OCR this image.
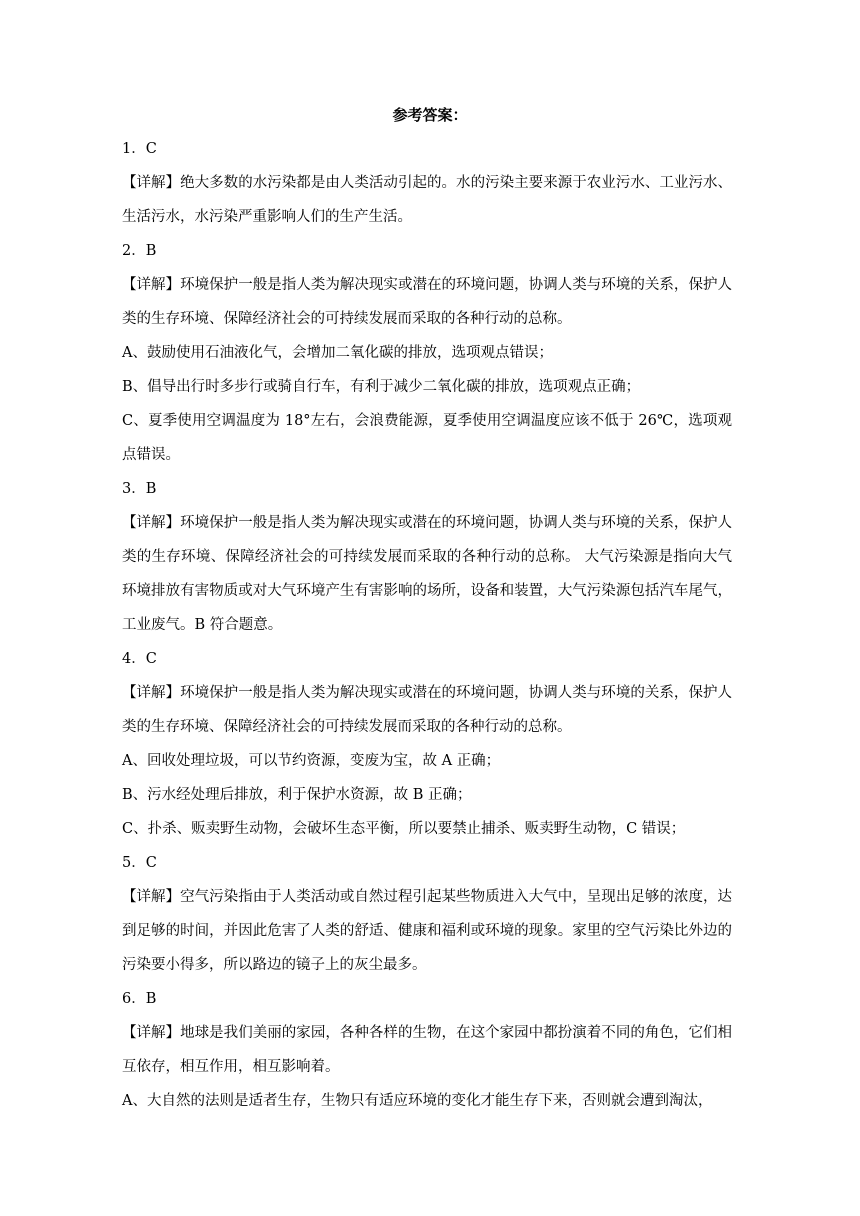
参考答案：

1．C

【详解】绝大多数的水污染都是由人类活动引起的。水的污染主要来源于农业污水、工业污水、生活污水，水污染严重影响人们的生产生活。

2．B

【详解】环境保护一般是指人类为解决现实或潜在的环境问题，协调人类与环境的关系，保护人类的生存环境、保障经济社会的可持续发展而采取的各种行动的总称。

A、鼓励使用石油液化气，会增加二氧化碳的排放，选项观点错误；

B、倡导出行时多步行或骑自行车，有利于减少二氧化碳的排放，选项观点正确；

C、夏季使用空调温度为 18°左右，会浪费能源，夏季使用空调温度应该不低于 26℃，选项观点错误。

3．B

【详解】环境保护一般是指人类为解决现实或潜在的环境问题，协调人类与环境的关系，保护人类的生存环境、保障经济社会的可持续发展而采取的各种行动的总称。 大气污染源是指向大气环境排放有害物质或对大气环境产生有害影响的场所，设备和装置，大气污染源包括汽车尾气，工业废气。B 符合题意。

4．C

【详解】环境保护一般是指人类为解决现实或潜在的环境问题，协调人类与环境的关系，保护人类的生存环境、保障经济社会的可持续发展而采取的各种行动的总称。

A、回收处理垃圾，可以节约资源，变废为宝，故 A 正确；

B、污水经处理后排放，利于保护水资源，故 B 正确；

C、扑杀、贩卖野生动物，会破坏生态平衡，所以要禁止捕杀、贩卖野生动物，C 错误；

5．C

【详解】空气污染指由于人类活动或自然过程引起某些物质进入大气中，呈现出足够的浓度，达到足够的时间，并因此危害了人类的舒适、健康和福利或环境的现象。家里的空气污染比外边的污染要小得多，所以路边的镜子上的灰尘最多。

6．B

【详解】地球是我们美丽的家园，各种各样的生物，在这个家园中都扮演着不同的角色，它们相互依存，相互作用，相互影响着。

A、大自然的法则是适者生存，生物只有适应环境的变化才能生存下来，否则就会遭到淘汰，
